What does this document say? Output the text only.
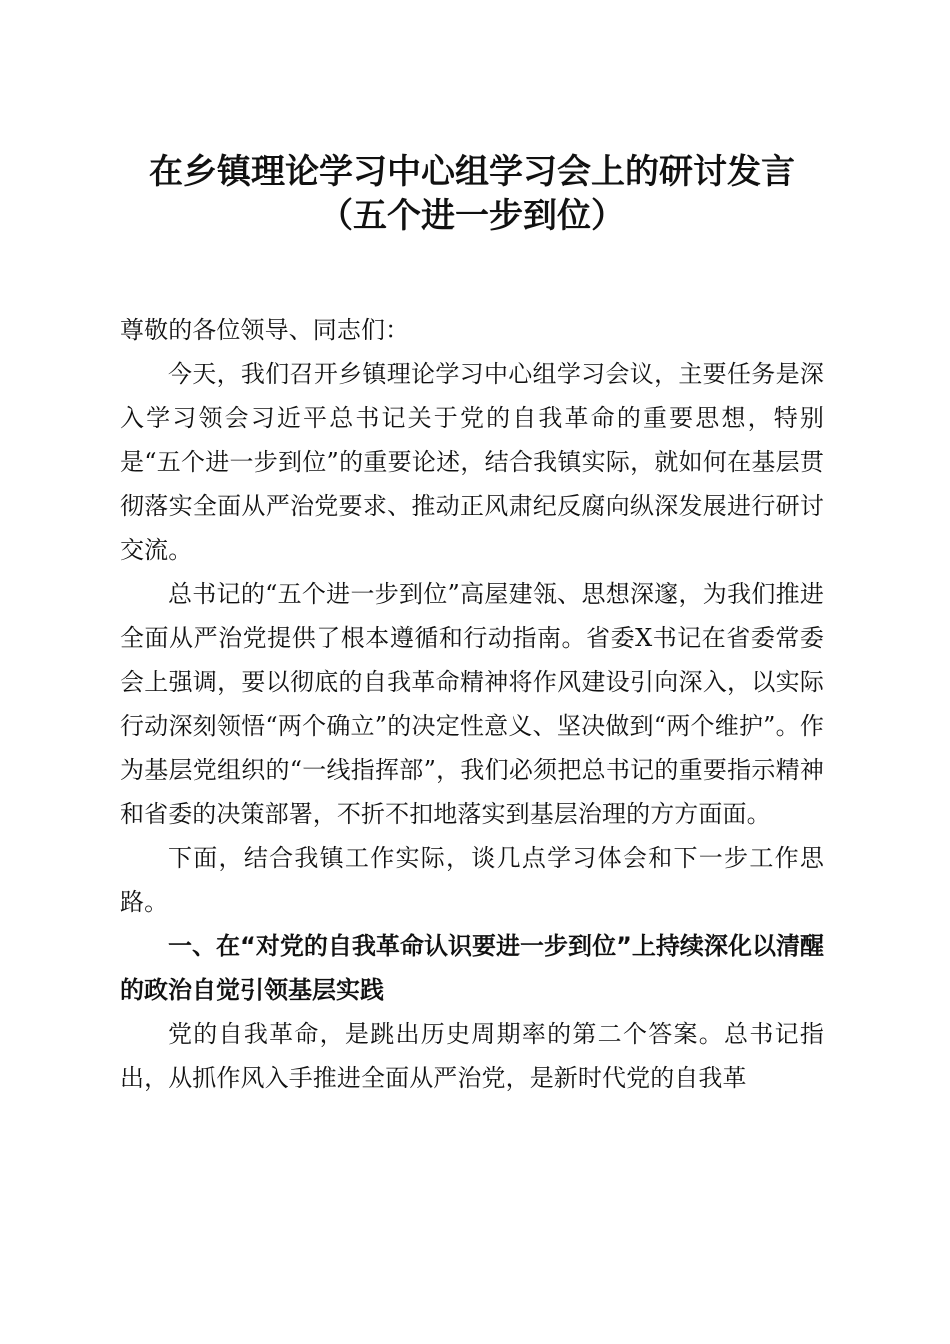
在乡镇理论学习中心组学习会上的研讨发言
（五个进一步到位）

尊敬的各位领导、同志们：

今天，我们召开乡镇理论学习中心组学习会议，主要任务是深入学习领会习近平总书记关于党的自我革命的重要思想，特别是“五个进一步到位”的重要论述，结合我镇实际，就如何在基层贯彻落实全面从严治党要求、推动正风肃纪反腐向纵深发展进行研讨交流。

总书记的“五个进一步到位”高屋建瓴、思想深邃，为我们推进全面从严治党提供了根本遵循和行动指南。省委X书记在省委常委会上强调，要以彻底的自我革命精神将作风建设引向深入，以实际行动深刻领悟“两个确立”的决定性意义、坚决做到“两个维护”。作为基层党组织的“一线指挥部”，我们必须把总书记的重要指示精神和省委的决策部署，不折不扣地落实到基层治理的方方面面。

下面，结合我镇工作实际，谈几点学习体会和下一步工作思路。

一、在“对党的自我革命认识要进一步到位”上持续深化以清醒的政治自觉引领基层实践

党的自我革命，是跳出历史周期率的第二个答案。总书记指出，从抓作风入手推进全面从严治党，是新时代党的自我革
